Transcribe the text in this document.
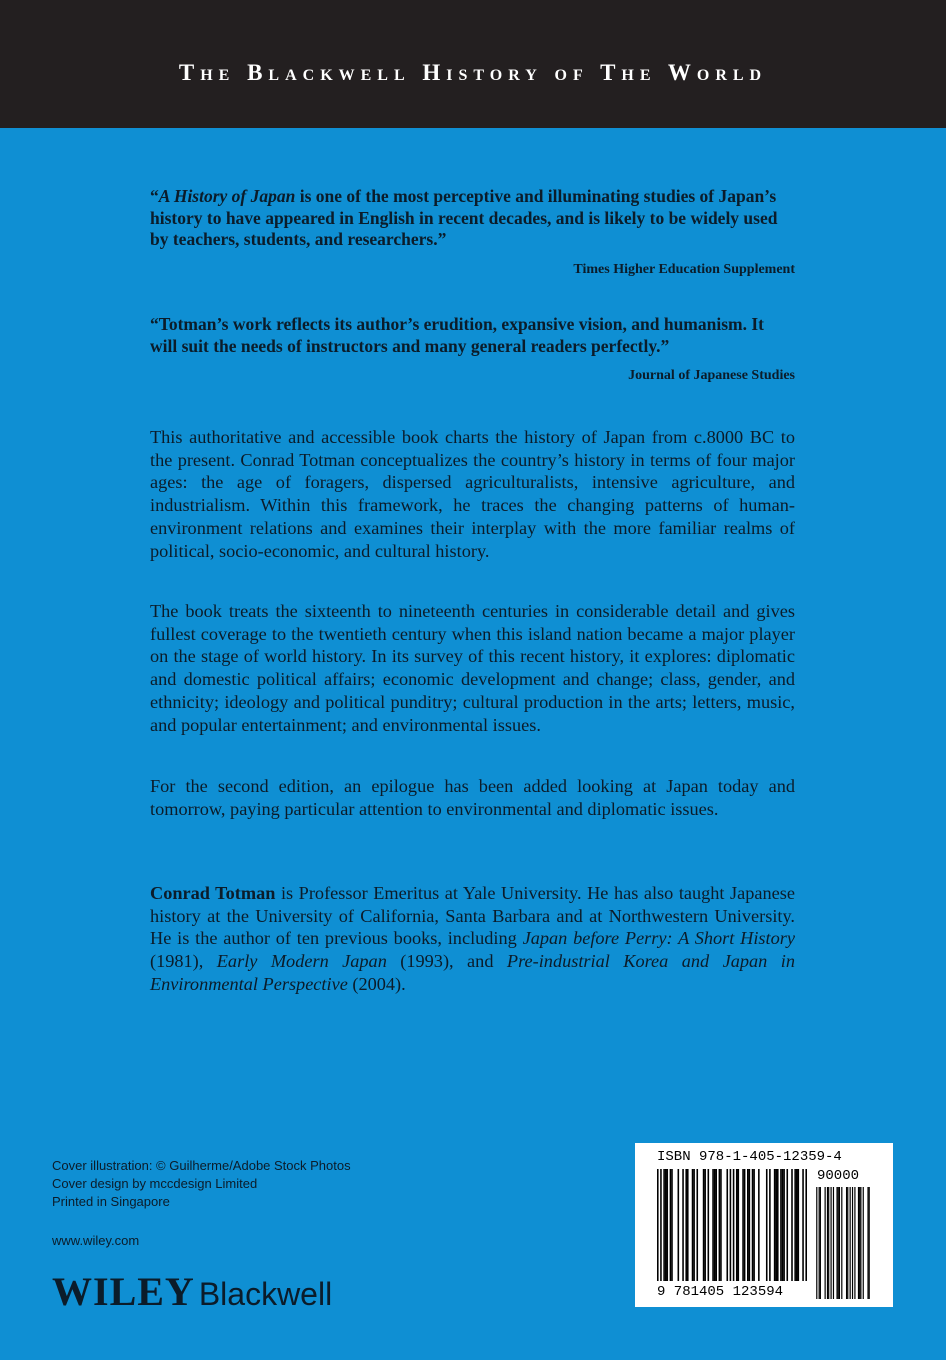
The Blackwell History of The World
“A History of Japan is one of the most perceptive and illuminating studies of Japan’s history to have appeared in English in recent decades, and is likely to be widely used by teachers, students, and researchers.”
Times Higher Education Supplement
“Totman’s work reflects its author’s erudition, expansive vision, and humanism. It will suit the needs of instructors and many general readers perfectly.”
Journal of Japanese Studies
This authoritative and accessible book charts the history of Japan from c.8000 BC to the present. Conrad Totman conceptualizes the country’s history in terms of four major ages: the age of foragers, dispersed agriculturalists, intensive agriculture, and industrialism. Within this framework, he traces the changing patterns of human-environment relations and examines their interplay with the more familiar realms of political, socio-economic, and cultural history.
The book treats the sixteenth to nineteenth centuries in considerable detail and gives fullest coverage to the twentieth century when this island nation became a major player on the stage of world history. In its survey of this recent history, it explores: diplomatic and domestic political affairs; economic development and change; class, gender, and ethnicity; ideology and political punditry; cultural production in the arts; letters, music, and popular entertainment; and environmental issues.
For the second edition, an epilogue has been added looking at Japan today and tomorrow, paying particular attention to environmental and diplomatic issues.
Conrad Totman is Professor Emeritus at Yale University. He has also taught Japanese history at the University of California, Santa Barbara and at Northwestern University. He is the author of ten previous books, including Japan before Perry: A Short History (1981), Early Modern Japan (1993), and Pre-industrial Korea and Japan in Environmental Perspective (2004).
Cover illustration: © Guilherme/Adobe Stock Photos
Cover design by mccdesign Limited
Printed in Singapore
www.wiley.com
WILEY Blackwell
ISBN 978-1-405-12359-4
90000
9 781405 123594
